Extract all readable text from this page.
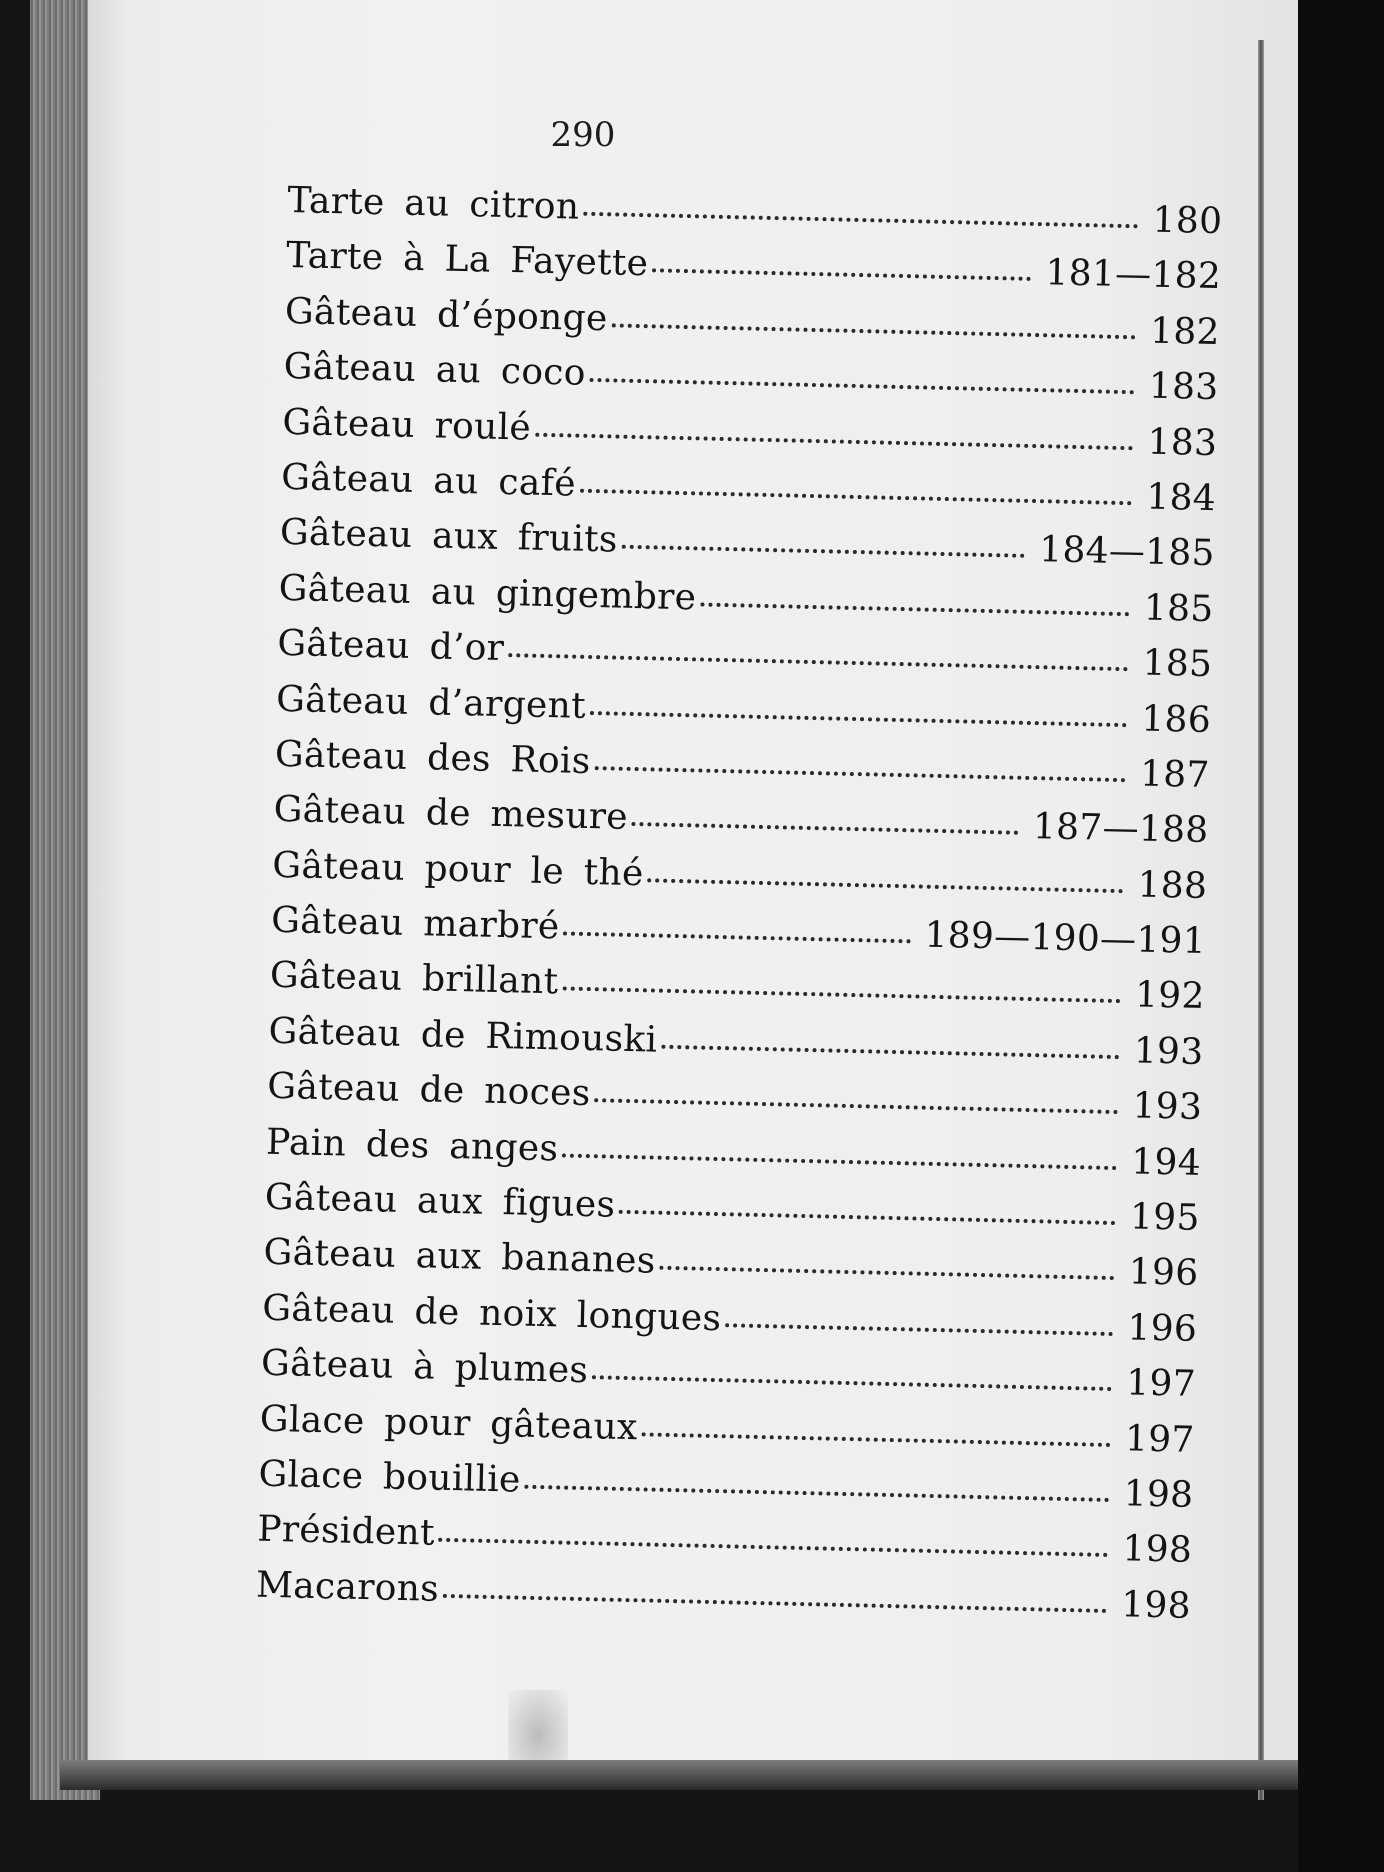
290
Tarte au citron	180
Tarte à La Fayette	181—182
Gâteau d’éponge	182
Gâteau au coco	183
Gâteau roulé	183
Gâteau au café	184
Gâteau aux fruits	184—185
Gâteau au gingembre	185
Gâteau d’or	185
Gâteau d’argent	186
Gâteau des Rois	187
Gâteau de mesure	187—188
Gâteau pour le thé	188
Gâteau marbré	189—190—191
Gâteau brillant	192
Gâteau de Rimouski	193
Gâteau de noces	193
Pain des anges	194
Gâteau aux figues	195
Gâteau aux bananes	196
Gâteau de noix longues	196
Gâteau à plumes	197
Glace pour gâteaux	197
Glace bouillie	198
Président	198
Macarons	198
